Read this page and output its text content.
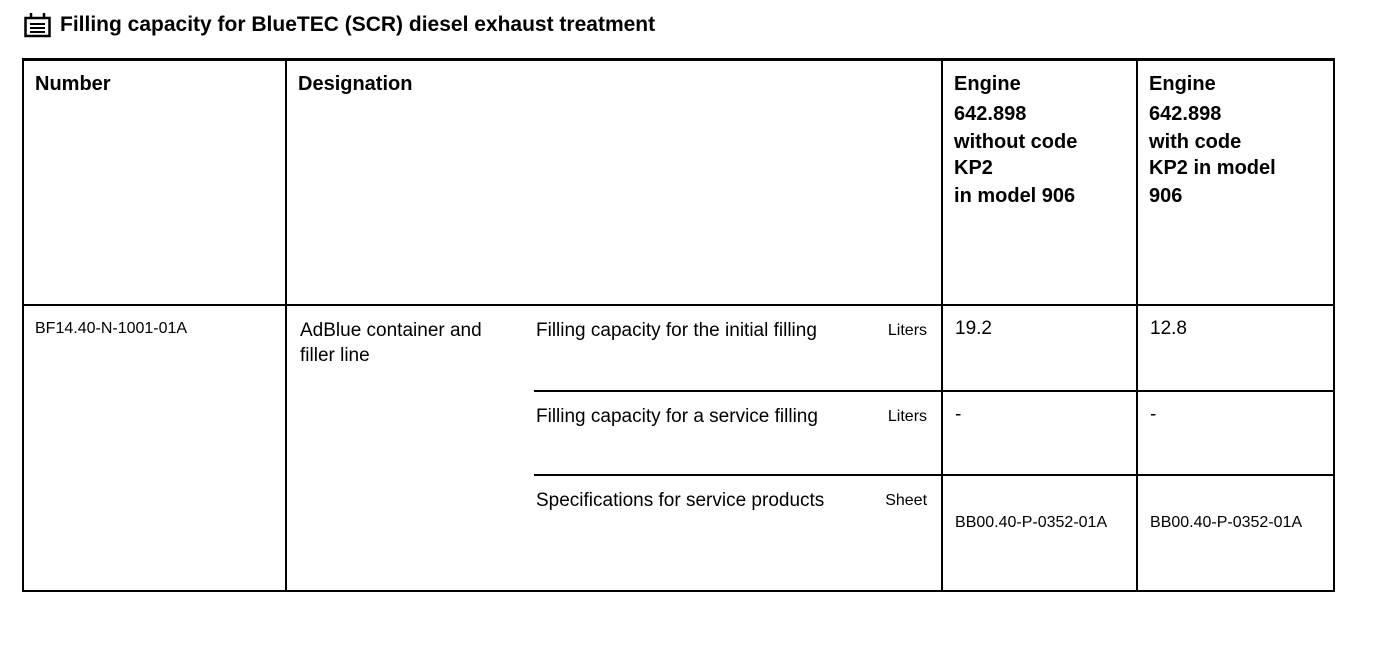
Filling capacity for BlueTEC (SCR) diesel exhaust treatment
Number	Designation		Engine
642.898
without code
KP2
in model 906	Engine
642.898
with code
KP2 in model
906

BF14.40-N-1001-01A	AdBlue container and filler line	Filling capacity for the initial filling Liters	19.2	12.8

		Filling capacity for a service filling Liters	-	-

		Specifications for service products Sheet	BB00.40-P-0352-01A	BB00.40-P-0352-01A
